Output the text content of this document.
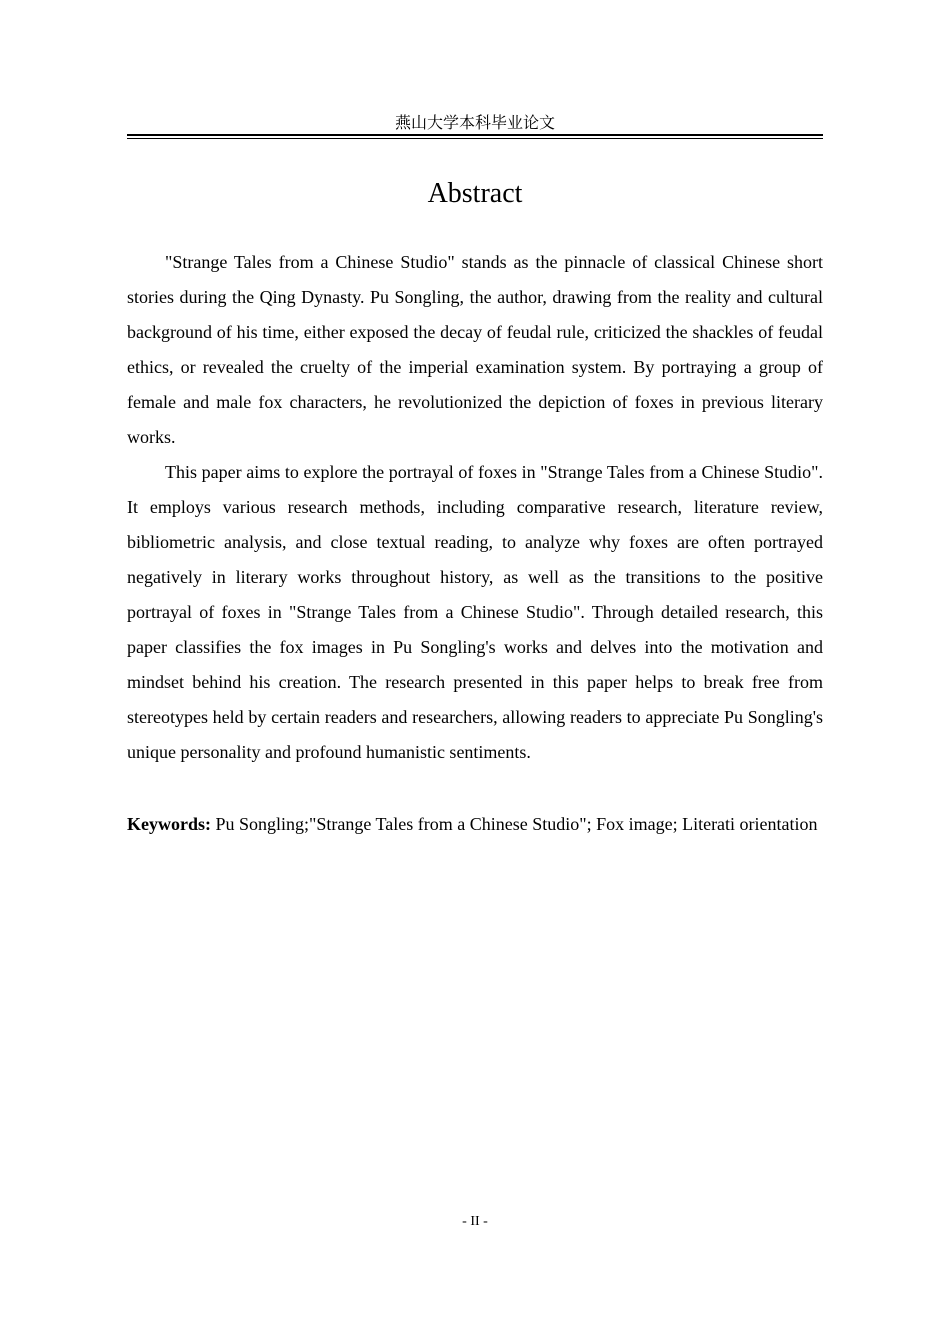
燕山大学本科毕业论文
Abstract

"Strange Tales from a Chinese Studio" stands as the pinnacle of classical Chinese short stories during the Qing Dynasty. Pu Songling, the author, drawing from the reality and cultural background of his time, either exposed the decay of feudal rule, criticized the shackles of feudal ethics, or revealed the cruelty of the imperial examination system. By portraying a group of female and male fox characters, he revolutionized the depiction of foxes in previous literary works.

This paper aims to explore the portrayal of foxes in "Strange Tales from a Chinese Studio". It employs various research methods, including comparative research, literature review, bibliometric analysis, and close textual reading, to analyze why foxes are often portrayed negatively in literary works throughout history, as well as the transitions to the positive portrayal of foxes in "Strange Tales from a Chinese Studio". Through detailed research, this paper classifies the fox images in Pu Songling's works and delves into the motivation and mindset behind his creation. The research presented in this paper helps to break free from stereotypes held by certain readers and researchers, allowing readers to appreciate Pu Songling's unique personality and profound humanistic sentiments.

Keywords: Pu Songling;"Strange Tales from a Chinese Studio"; Fox image; Literati orientation
- II -
